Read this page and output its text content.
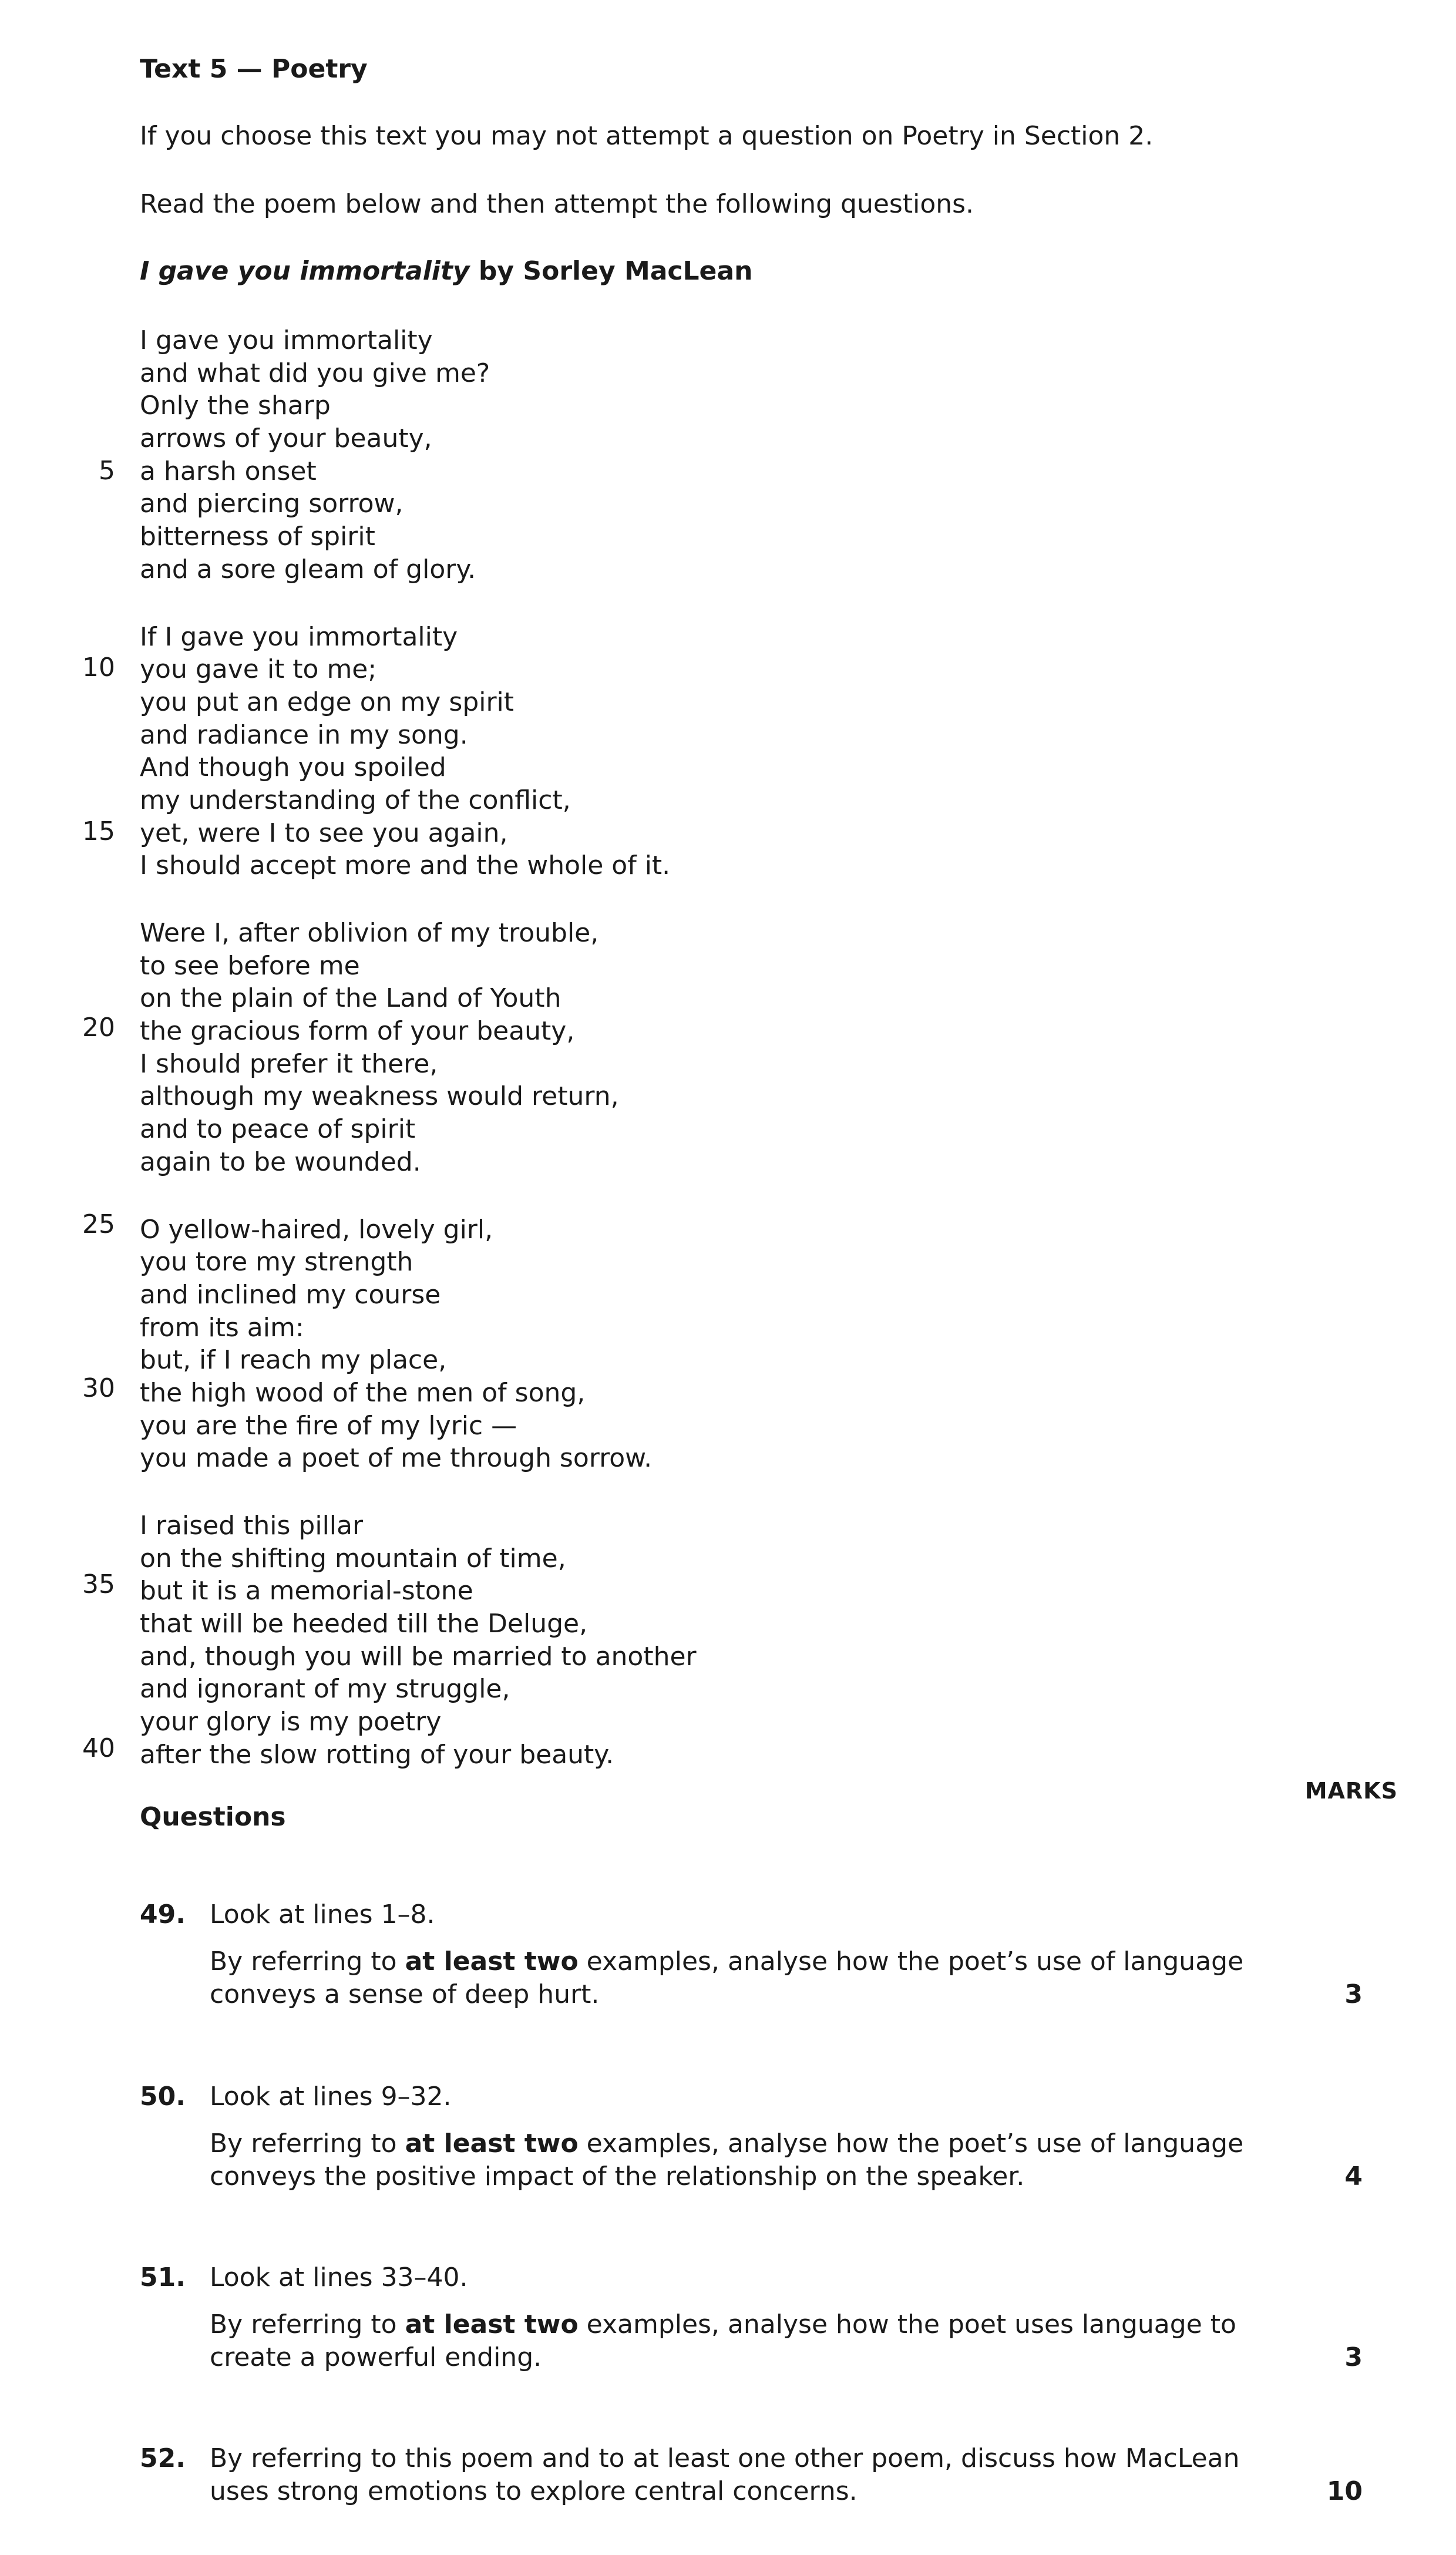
Text 5 — Poetry
If you choose this text you may not attempt a question on Poetry in Section 2.
Read the poem below and then attempt the following questions.
I gave you immortality by Sorley MacLean
I gave you immortality
and what did you give me?
Only the sharp
arrows of your beauty,
a harsh onset
and piercing sorrow,
bitterness of spirit
and a sore gleam of glory.
If I gave you immortality
you gave it to me;
you put an edge on my spirit
and radiance in my song.
And though you spoiled
my understanding of the conflict,
yet, were I to see you again,
I should accept more and the whole of it.
Were I, after oblivion of my trouble,
to see before me
on the plain of the Land of Youth
the gracious form of your beauty,
I should prefer it there,
although my weakness would return,
and to peace of spirit
again to be wounded.
O yellow-haired, lovely girl,
you tore my strength
and inclined my course
from its aim:
but, if I reach my place,
the high wood of the men of song,
you are the fire of my lyric —
you made a poet of me through sorrow.
I raised this pillar
on the shifting mountain of time,
but it is a memorial-stone
that will be heeded till the Deluge,
and, though you will be married to another
and ignorant of my struggle,
your glory is my poetry
after the slow rotting of your beauty.
5
10
15
20
25
30
35
40
MARKS
Questions
49. Look at lines 1–8.
By referring to at least two examples, analyse how the poet’s use of language conveys a sense of deep hurt.	3
50. Look at lines 9–32.
By referring to at least two examples, analyse how the poet’s use of language conveys the positive impact of the relationship on the speaker.	4
51. Look at lines 33–40.
By referring to at least two examples, analyse how the poet uses language to create a powerful ending.	3
52. By referring to this poem and to at least one other poem, discuss how MacLean uses strong emotions to explore central concerns.	10
